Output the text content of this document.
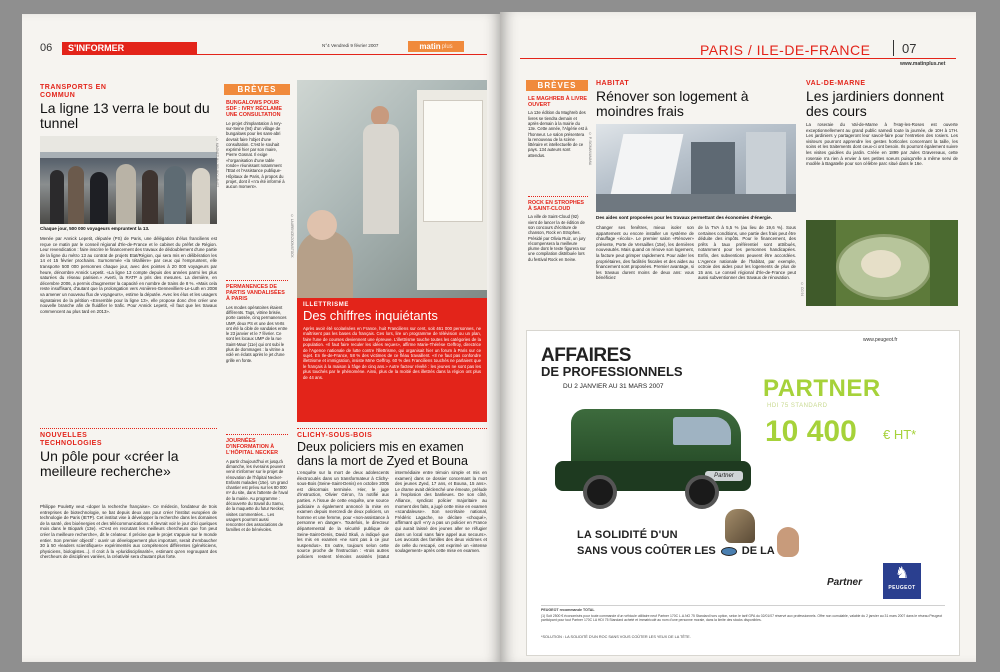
06	S'INFORMER	N°4 Vendredi 9 février 2007	matin plus

TRANSPORTS EN COMMUN

La ligne 13 verra le bout du tunnel
© MAGNETUM / BRUNO LAHOZ

Chaque jour, 500 000 voyageurs empruntent la 13.

Menée par Annick Lepetit, députée (PS) de Paris, une délégation d'élus franciliens est reçue ce matin par le conseil régional d'Ile-de-France et le cabinet du préfet de Région. Leur revendication : faire inscrire le financement des travaux de dédoublement d'une partie de la ligne du métro 13 au contrat de projets Etat/Région, qui sera mis en délibération les 14 et 15 février prochains. Surnommée «la tétallière» par ceux qui l'empruntent, elle transporte 500 000 personnes chaque jour, avec des pointes à 20 000 voyageurs par heure, dénombre Annick Lepetit. «La ligne 13 compte depuis des années parmi les plus saturées du réseau parisien.» Averti, la RATP a pris des mesures. La dernière, en décembre 2006, a permis d'augmenter la capacité en nombre de trains de 8 %. «Mais cela reste insuffisant, d'autant que la prolongation vers Asnières-Gennevilliers-Le-Luth en 2008 va amener un nouveau flux de voyageurs», estime la députée. Avec les élus et les usagers signataires de la pétition «Ensemble pour la ligne 13», elle propose donc d'en créer une nouvelle branche afin de fluidifier le trafic. Pour Annick Lepetit, «il faut que les travaux commencent au plus tard en 2013».

NOUVELLES TECHNOLOGIES

Un pôle pour «créer la meilleure recherche»

Philippe Pouletty veut «doper la recherche française». Ce médecin, fondateur de trois entreprises de biotechnologie, se bat depuis deux ans pour créer l'institut européen de technologie de Paris (IETP). Cet institut vise à développer la recherche dans les domaines de la santé, des bioénergies et des télécommunications. Il devrait voir le jour d'ici quelques mois dans le Biopark (13e). «C'est en recrutant les meilleurs chercheurs que l'on peut créer la meilleure recherche», dit le créateur. Il précise que le projet s'appuie sur le monde entier. Son premier objectif : ouvrir un développement plus important, serait d'embaucher 30 à 50 «leaders scientifiques» expérimentés aux compétences différentes (généticiens, physiciens, biologistes...). Il croit à la «pluridisciplinarité», estimant qu'en regroupant des chercheurs de disciplines variées, la créativité sera d'autant plus forte.

BRÈVES

BUNGALOWS POUR SDF : IVRY RÉCLAME UNE CONSULTATION

Le projet d'implantation à Ivry-sur-Seine (94) d'un village de bungalows pour les sans-abri devrait faire l'objet d'une consultation. C'est le souhait exprimé hier par son maire, Pierre Gosnat. Il exige «l'organisation d'une table ronde» réunissant notamment l'Etat et l'Assistance publique-Hôpitaux de Paris, à propos du projet, dont il «n'a été informé à aucun moment».

PERMANENCES DE PARTIS VANDALISÉES À PARIS

Les modes opératoires étaient différents. Tags, vitrine brisée, porte cassée, cinq permanences UMP, deux PS et une des Verts ont été la cible de vandales entre le 23 janvier et le 7 février. Ce sont les locaux UMP de la rue Saint-Maur (11e) qui ont subi le plus de dommages : la vitrine a volé en éclats après le jet d'une grille en fonte.

JOURNÉES D'INFORMATION À L'HÔPITAL NECKER

A partir d'aujourd'hui et jusqu'à dimanche, les riverains peuvent venir s'informer sur le projet de rénovation de l'hôpital Necker-Enfants malades (15e). Un grand chantier est prévu sur les 80 000 m² du site, dans l'attente de l'aval de la mairie. Au programme : découverte du travail du Samu, de la maquette du futur Necker, visites commentées... Les usagers pourront aussi rencontrer des associations de familles et de bénévoles.

© LAURENCE/ZOOMSTOCK

ILLETTRISME

Des chiffres inquiétants

Après avoir été scolarisées en France, huit Franciliens sur cent, soit 461 000 personnes, ne maîtrisent pas les bases du français. Ces lors, lire un programme de télévision ou un plan, faire l'une de courses deviennent une épreuve. L'illettrisme touche toutes les catégories de la population. «Il faut faire reculer les idées reçues», affirme Marie-Thérèse Geffroy, directrice de l'Agence nationale de lutte contre l'illettrisme, qui organisait hier un forum à Paris sur ce sujet. En Ile-de-France, 58 % des victimes de ce fléau travaillent. «Il ne faut pas confondre illettrisme et immigration, insiste Mme Geffroy. 60 % des Franciliens touchés ne parlaient que le français à la maison à l'âge de cinq ans.» Autre facteur révélé : les jeunes ne sont pas les plus touchés par le phénomène. Ainsi, plus de la moitié des illettrés dans la région ont plus de 44 ans.

CLICHY-SOUS-BOIS

Deux policiers mis en examen dans la mort de Zyed et Bouna

L'enquête sur la mort de deux adolescents électrocutés dans un transformateur à Clichy-sous-Bois (Seine-Saint-Denis) en octobre 2005 est désormais terminée. Hier, le juge d'instruction, Olivier Géron, l'a notifié aux parties. A l'issue de cette enquête, une source judiciaire a également annoncé la mise en examen depuis mercredi de deux policiers, un homme et une femme, pour «non-assistance à personne en danger». Toutefois, le directeur départemental de la sécurité publique de Seine-Saint-Denis, David Skuli, a indiqué que les mis en examen «ne sont pas à ce jour suspendus». En outre, toujours selon cette source proche de l'instruction : «trois autres policiers restent témoins assistés (statut intermédiaire entre témoin simple et mis en examen) dans ce dossier concernant la mort des jeunes Zyed, 17 ans, et Bouna, 15 ans». Le drame avait déclenché une émeute, prélude à l'explosion des banlieues. De son côté, Alliance, syndicat policier majoritaire au moment des faits, a jugé cette mise en examen «scandaleuse». Son secrétaire national, Frédéric Lagache, se déclare «choqué», affirmant qu'il «n'y a pas un policier en France qui aurait laissé des jeunes aller se réfugier dans un local sans faire appel aux secours». Les avocats des familles des deux victimes et de celle du rescapé, ont exprimé un «intense soulagement» après cette mise en examen.

PARIS / ILE-DE-FRANCE 07
www.matinplus.net
BRÈVES

LE MAGHREB À LIVRE OUVERT

La 13e édition du Maghreb des livres se tiendra demain et après-demain à la mairie du 13e. Cette année, l'Algérie est à l'honneur. Le salon présentera la renouveau de la scène littéraire et intellectuelle de ce pays. 134 auteurs sont attendus.

ROCK EN STROPHES À SAINT-CLOUD

La ville de Saint-Cloud (92) vient de lancer la 4e édition de son concours d'écriture de chanson, Rock en Strophes. Présidé par Olivia Ruiz, un jury récompensera la meilleure plume dont le texte figurera sur une compilation distribuée lors du festival Rock en Seine.

HABITAT

Rénover son logement à moindres frais
© P. SIGMAN/AMANA

Des aides sont proposées pour les travaux permettant des économies d'énergie.

Changer ses fenêtres, mieux isoler son appartement ou encore installer un système de chauffage «écolo». Le premier salon «Rénover» présente, Porte de Versailles (15e), les dernières nouveautés. Mais quand on rénove son logement, la facture peut grimper rapidement. Pour aider les propriétaires, des facilités fiscales et des aides au financement sont proposées. Premier avantage, si les travaux durent moins de deux ans: vous bénéficiez

de la TVA à 5,5 % (au lieu de 19,6 %). Sous certaines conditions, une partie des frais peut être déduite des impôts. Pour le financement, des prêts à taux préférentiel sont attribués, notamment pour les personnes handicapées. Enfin, des subventions peuvent être accordées. L'Agence nationale de l'habitat, par exemple, octroie des aides pour les logements de plus de 15 ans. Le conseil régional d'Ile-de-France peut aussi subventionner des travaux de rénovation.

VAL-DE-MARNE

Les jardiniers donnent des cours

La roseraie du Val-de-Marne à l'Haÿ-les-Roses est ouverte exceptionnellement au grand public samedi toute la journée, de 10H à 17H. Les jardiniers y partageront leur savoir-faire pour l'entretien des rosiers. Les visiteurs pourront apprendre les gestes horticoles concernant la taille, les soins et les traitements dont ceux-ci ont besoin. Ils pourront également suivre les visites guidées du jardin. Créée en 1899 par Jules Gravereaux, cette roseraie n'a rien à envier à ses petites soeurs puisqu'elle a même servi de modèle à Bagatelle pour son célèbre parc situé dans le 16e.

© CG 94
www.peugeot.fr
AFFAIRES
DE PROFESSIONNELS
DU 2 JANVIER AU 31 MARS 2007
Partner
PARTNER
HDI 75 STANDARD
10 400 € HT*
LA SOLIDITÉ D'UN
SANS VOUS COÛTER LES DE LA
Partner
♞
PEUGEOT
PEUGEOT recommande TOTAL

(1) Soit 2500 € économisés pour toute commande d'un véhicule utilitaire neuf Partner 170C L.A.NO 75 Standard hors option, selon le tarif GPA du 02/01/07 réservé aux professionnels. Offre non cumulable, valable du 2 janvier au 31 mars 2007 dans le réseau Peugeot participant pour tout Partner 170C LA HDI 75 Standard acheté et immatriculé au nom d'une personne morale, dans la limite des stocks disponibles.

*SOLUTION : LA SOLIDITÉ D'UN ROC SANS VOUS COÛTER LES YEUX DE LA TÊTE.
